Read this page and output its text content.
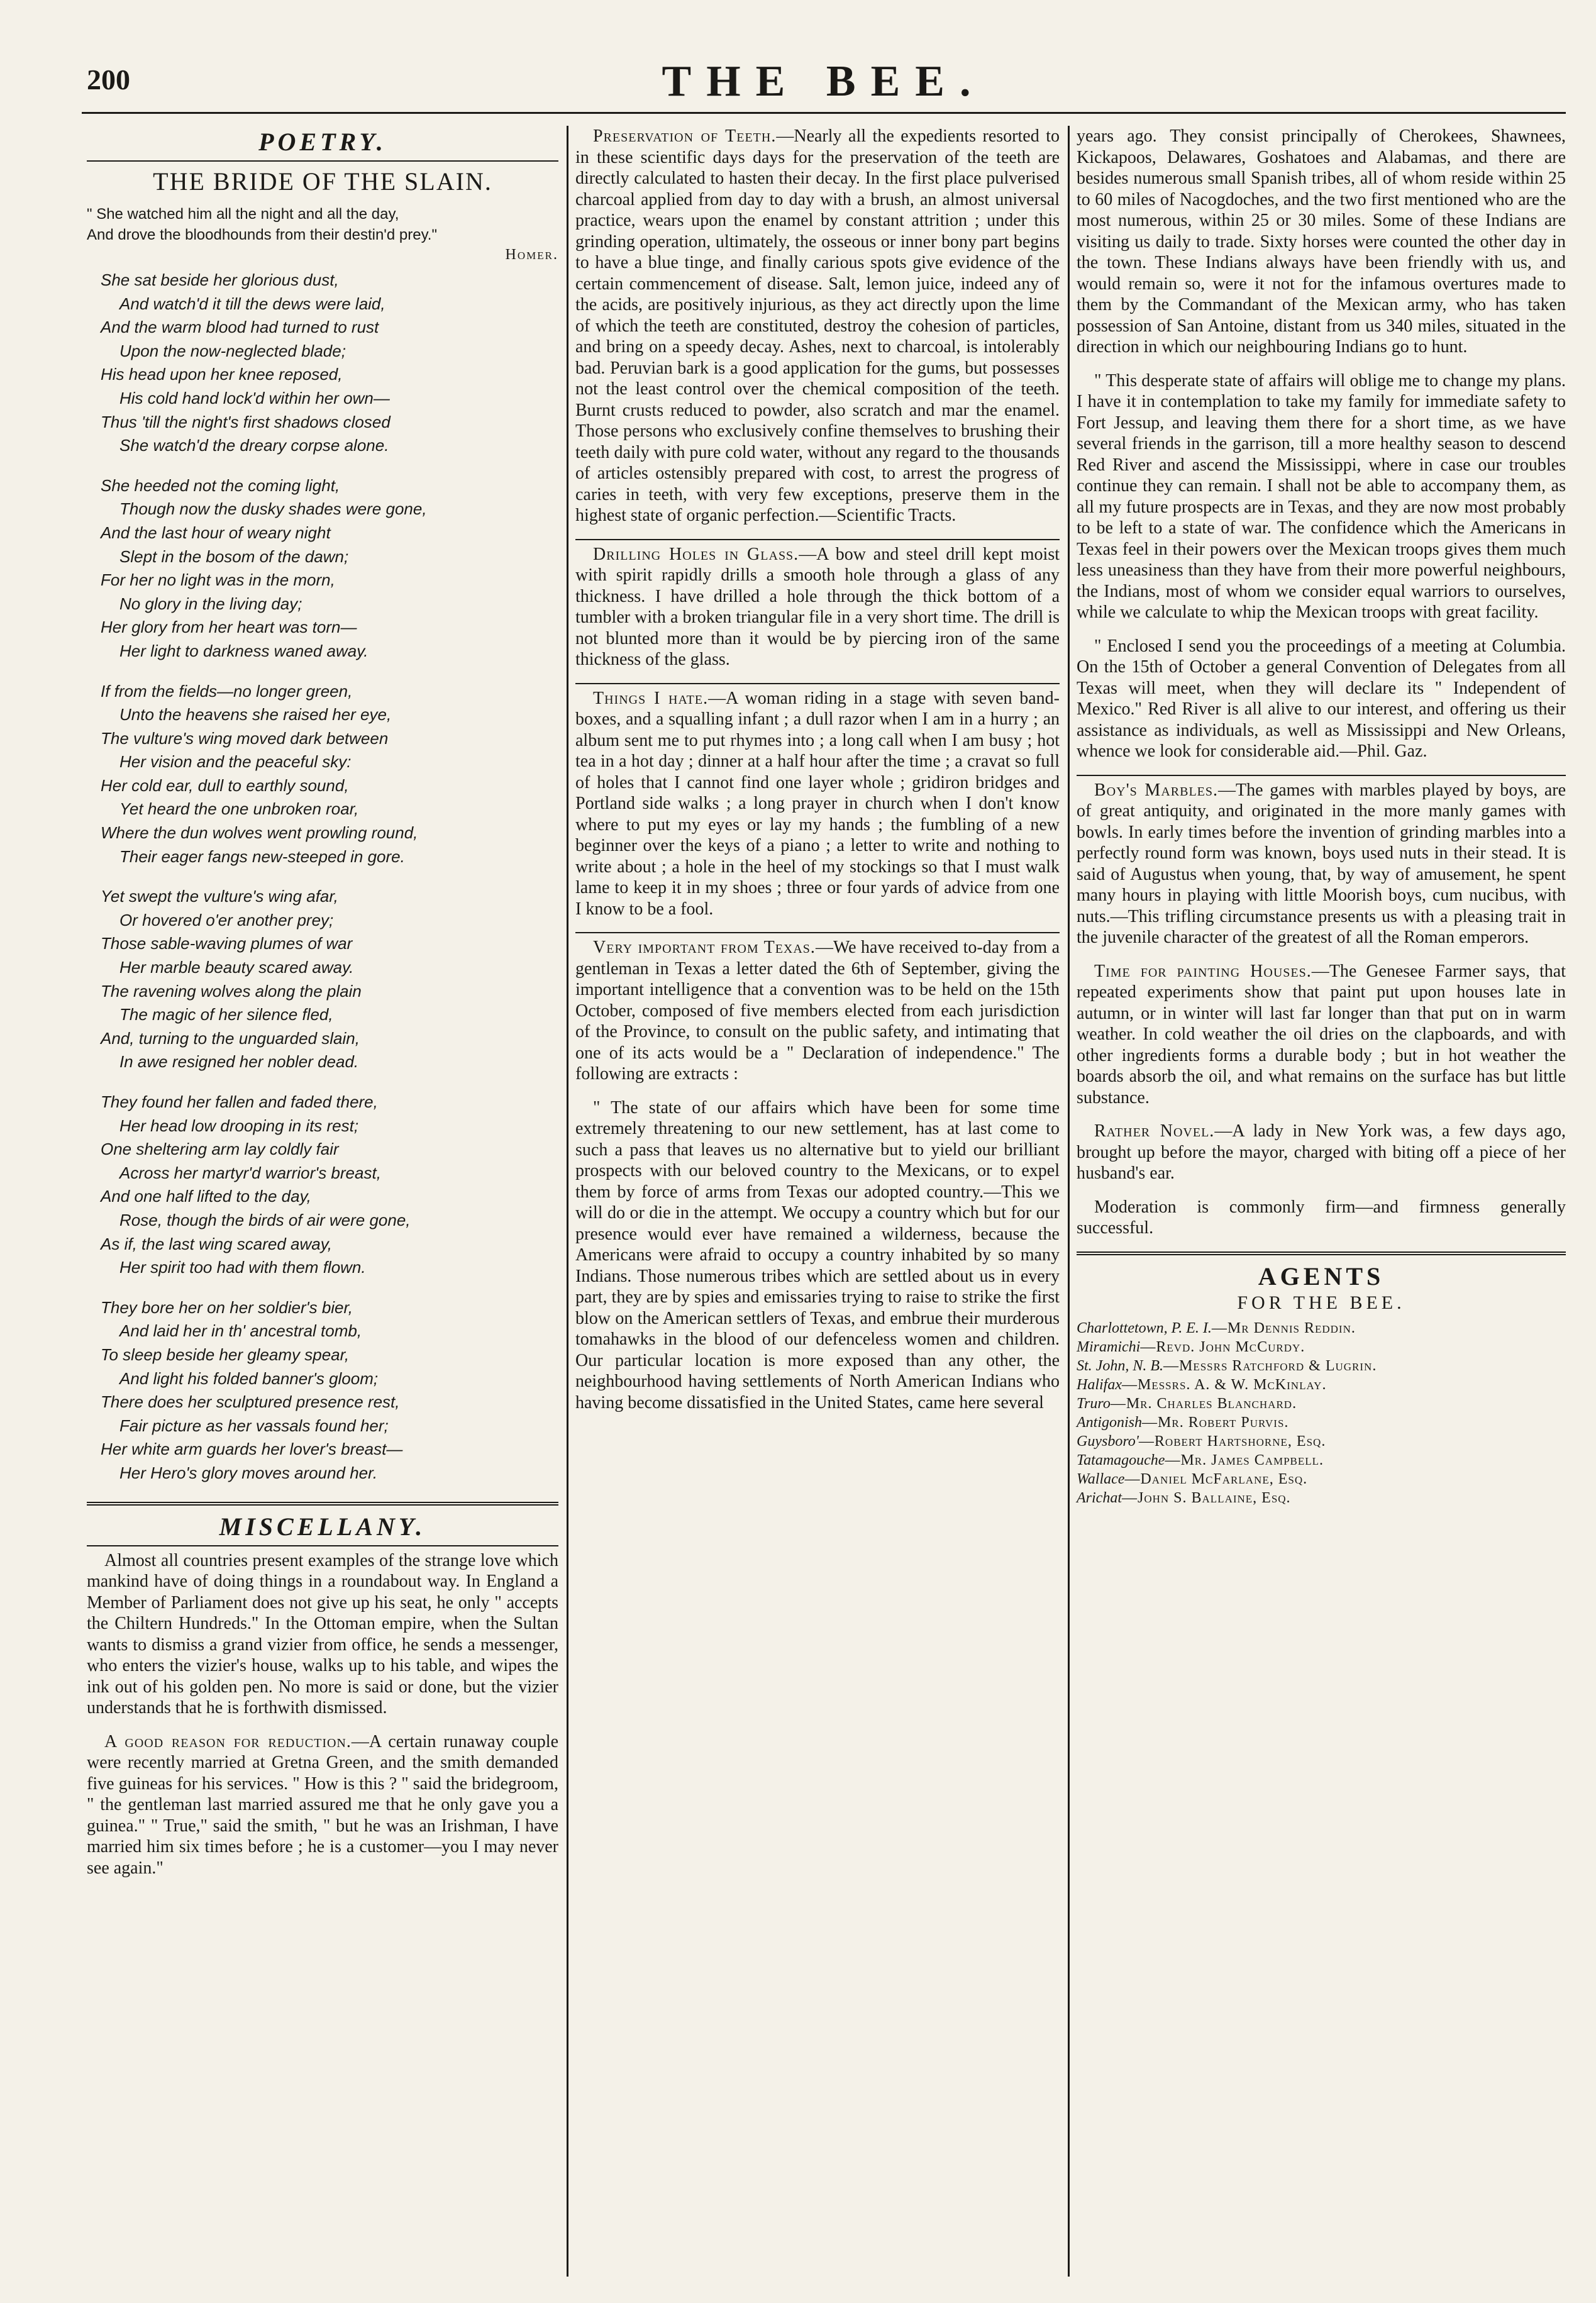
200	THE BEE.
POETRY.
THE BRIDE OF THE SLAIN.

" She watched him all the night and all the day,

And drove the bloodhounds from their destin'd prey."

Homer.

She sat beside her glorious dust,

And watch'd it till the dews were laid,

And the warm blood had turned to rust

Upon the now-neglected blade;

His head upon her knee reposed,

His cold hand lock'd within her own—

Thus 'till the night's first shadows closed

She watch'd the dreary corpse alone.

She heeded not the coming light,

Though now the dusky shades were gone,

And the last hour of weary night

Slept in the bosom of the dawn;

For her no light was in the morn,

No glory in the living day;

Her glory from her heart was torn—

Her light to darkness waned away.

If from the fields—no longer green,

Unto the heavens she raised her eye,

The vulture's wing moved dark between

Her vision and the peaceful sky:

Her cold ear, dull to earthly sound,

Yet heard the one unbroken roar,

Where the dun wolves went prowling round,

Their eager fangs new-steeped in gore.

Yet swept the vulture's wing afar,

Or hovered o'er another prey;

Those sable-waving plumes of war

Her marble beauty scared away.

The ravening wolves along the plain

The magic of her silence fled,

And, turning to the unguarded slain,

In awe resigned her nobler dead.

They found her fallen and faded there,

Her head low drooping in its rest;

One sheltering arm lay coldly fair

Across her martyr'd warrior's breast,

And one half lifted to the day,

Rose, though the birds of air were gone,

As if, the last wing scared away,

Her spirit too had with them flown.

They bore her on her soldier's bier,

And laid her in th' ancestral tomb,

To sleep beside her gleamy spear,

And light his folded banner's gloom;

There does her sculptured presence rest,

Fair picture as her vassals found her;

Her white arm guards her lover's breast—

Her Hero's glory moves around her.

MISCELLANY.

Almost all countries present examples of the strange love which mankind have of doing things in a roundabout way. In England a Member of Parliament does not give up his seat, he only " accepts the Chiltern Hundreds." In the Ottoman empire, when the Sultan wants to dismiss a grand vizier from office, he sends a messenger, who enters the vizier's house, walks up to his table, and wipes the ink out of his golden pen. No more is said or done, but the vizier understands that he is forthwith dismissed.

A good reason for reduction.—A certain runaway couple were recently married at Gretna Green, and the smith demanded five guineas for his services. " How is this ? " said the bridegroom, " the gentleman last married assured me that he only gave you a guinea." " True," said the smith, " but he was an Irishman, I have married him six times before ; he is a customer—you I may never see again."

Preservation of Teeth.—Nearly all the expedients resorted to in these scientific days days for the preservation of the teeth are directly calculated to hasten their decay. In the first place pulverised charcoal applied from day to day with a brush, an almost universal practice, wears upon the enamel by constant attrition ; under this grinding operation, ultimately, the osseous or inner bony part begins to have a blue tinge, and finally carious spots give evidence of the certain commencement of disease. Salt, lemon juice, indeed any of the acids, are positively injurious, as they act directly upon the lime of which the teeth are constituted, destroy the cohesion of particles, and bring on a speedy decay. Ashes, next to charcoal, is intolerably bad. Peruvian bark is a good application for the gums, but possesses not the least control over the chemical composition of the teeth. Burnt crusts reduced to powder, also scratch and mar the enamel. Those persons who exclusively confine themselves to brushing their teeth daily with pure cold water, without any regard to the thousands of articles ostensibly prepared with cost, to arrest the progress of caries in teeth, with very few exceptions, preserve them in the highest state of organic perfection.—Scientific Tracts.

Drilling Holes in Glass.—A bow and steel drill kept moist with spirit rapidly drills a smooth hole through a glass of any thickness. I have drilled a hole through the thick bottom of a tumbler with a broken triangular file in a very short time. The drill is not blunted more than it would be by piercing iron of the same thickness of the glass.

Things I hate.—A woman riding in a stage with seven band-boxes, and a squalling infant ; a dull razor when I am in a hurry ; an album sent me to put rhymes into ; a long call when I am busy ; hot tea in a hot day ; dinner at a half hour after the time ; a cravat so full of holes that I cannot find one layer whole ; gridiron bridges and Portland side walks ; a long prayer in church when I don't know where to put my eyes or lay my hands ; the fumbling of a new beginner over the keys of a piano ; a letter to write and nothing to write about ; a hole in the heel of my stockings so that I must walk lame to keep it in my shoes ; three or four yards of advice from one I know to be a fool.

Very important from Texas.—We have received to-day from a gentleman in Texas a letter dated the 6th of September, giving the important intelligence that a convention was to be held on the 15th October, composed of five members elected from each jurisdiction of the Province, to consult on the public safety, and intimating that one of its acts would be a " Declaration of independence." The following are extracts :

" The state of our affairs which have been for some time extremely threatening to our new settlement, has at last come to such a pass that leaves us no alternative but to yield our brilliant prospects with our beloved country to the Mexicans, or to expel them by force of arms from Texas our adopted country.—This we will do or die in the attempt. We occupy a country which but for our presence would ever have remained a wilderness, because the Americans were afraid to occupy a country inhabited by so many Indians. Those numerous tribes which are settled about us in every part, they are by spies and emissaries trying to raise to strike the first blow on the American settlers of Texas, and embrue their murderous tomahawks in the blood of our defenceless women and children. Our particular location is more exposed than any other, the neighbourhood having settlements of North American Indians who having become dissatisfied in the United States, came here several

years ago. They consist principally of Cherokees, Shawnees, Kickapoos, Delawares, Goshatoes and Alabamas, and there are besides numerous small Spanish tribes, all of whom reside within 25 to 60 miles of Nacogdoches, and the two first mentioned who are the most numerous, within 25 or 30 miles. Some of these Indians are visiting us daily to trade. Sixty horses were counted the other day in the town. These Indians always have been friendly with us, and would remain so, were it not for the infamous overtures made to them by the Commandant of the Mexican army, who has taken possession of San Antoine, distant from us 340 miles, situated in the direction in which our neighbouring Indians go to hunt.

" This desperate state of affairs will oblige me to change my plans. I have it in contemplation to take my family for immediate safety to Fort Jessup, and leaving them there for a short time, as we have several friends in the garrison, till a more healthy season to descend Red River and ascend the Mississippi, where in case our troubles continue they can remain. I shall not be able to accompany them, as all my future prospects are in Texas, and they are now most probably to be left to a state of war. The confidence which the Americans in Texas feel in their powers over the Mexican troops gives them much less uneasiness than they have from their more powerful neighbours, the Indians, most of whom we consider equal warriors to ourselves, while we calculate to whip the Mexican troops with great facility.

" Enclosed I send you the proceedings of a meeting at Columbia. On the 15th of October a general Convention of Delegates from all Texas will meet, when they will declare its " Independent of Mexico." Red River is all alive to our interest, and offering us their assistance as individuals, as well as Mississippi and New Orleans, whence we look for considerable aid.—Phil. Gaz.

Boy's Marbles.—The games with marbles played by boys, are of great antiquity, and originated in the more manly games with bowls. In early times before the invention of grinding marbles into a perfectly round form was known, boys used nuts in their stead. It is said of Augustus when young, that, by way of amusement, he spent many hours in playing with little Moorish boys, cum nucibus, with nuts.—This trifling circumstance presents us with a pleasing trait in the juvenile character of the greatest of all the Roman emperors.

Time for painting Houses.—The Genesee Farmer says, that repeated experiments show that paint put upon houses late in autumn, or in winter will last far longer than that put on in warm weather. In cold weather the oil dries on the clapboards, and with other ingredients forms a durable body ; but in hot weather the boards absorb the oil, and what remains on the surface has but little substance.

Rather Novel.—A lady in New York was, a few days ago, brought up before the mayor, charged with biting off a piece of her husband's ear.

Moderation is commonly firm—and firmness generally successful.

AGENTS
FOR THE BEE.

Charlottetown, P. E. I.—Mr Dennis Reddin.

Miramichi—Revd. John McCurdy.

St. John, N. B.—Messrs Ratchford & Lugrin.

Halifax—Messrs. A. & W. McKinlay.

Truro—Mr. Charles Blanchard.

Antigonish—Mr. Robert Purvis.

Guysboro'—Robert Hartshorne, Esq.

Tatamagouche—Mr. James Campbell.

Wallace—Daniel McFarlane, Esq.

Arichat—John S. Ballaine, Esq.
